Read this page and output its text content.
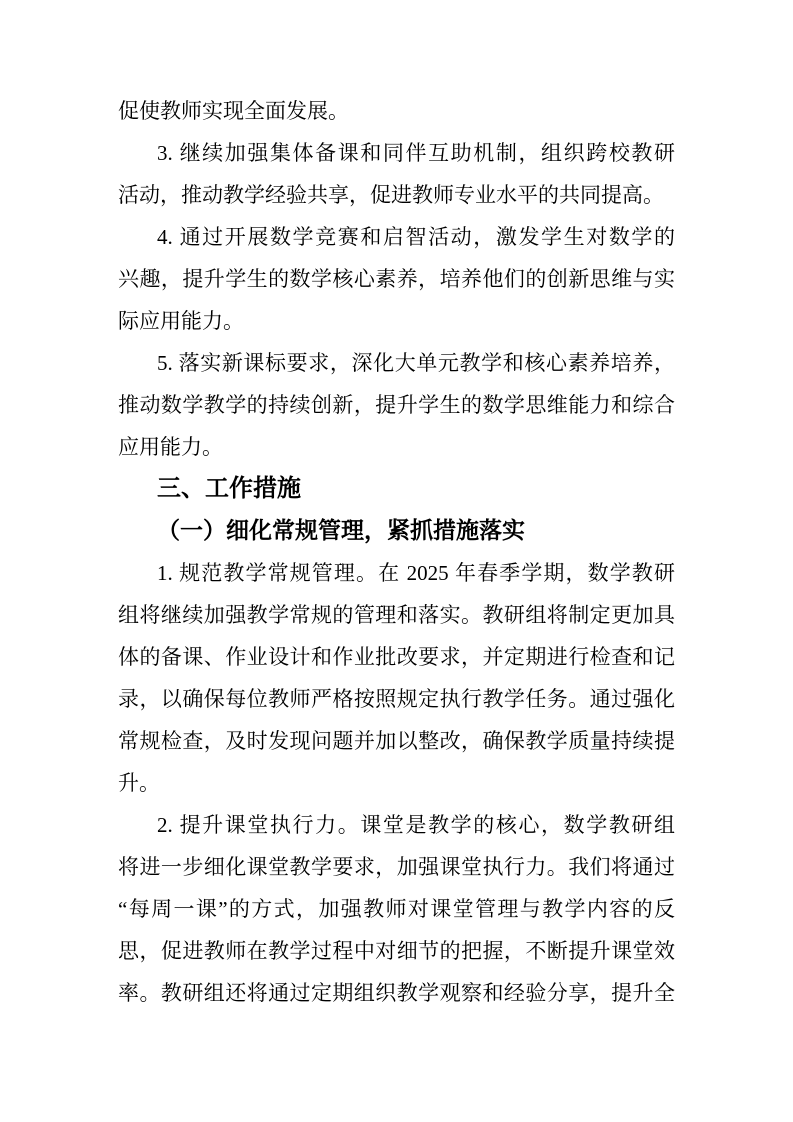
促使教师实现全面发展。
3. 继续加强集体备课和同伴互助机制，组织跨校教研
活动，推动教学经验共享，促进教师专业水平的共同提高。
4. 通过开展数学竞赛和启智活动，激发学生对数学的
兴趣，提升学生的数学核心素养，培养他们的创新思维与实
际应用能力。
5. 落实新课标要求，深化大单元教学和核心素养培养，
推动数学教学的持续创新，提升学生的数学思维能力和综合
应用能力。
三、工作措施
（一）细化常规管理，紧抓措施落实
1. 规范教学常规管理。在 2025 年春季学期，数学教研
组将继续加强教学常规的管理和落实。教研组将制定更加具
体的备课、作业设计和作业批改要求，并定期进行检查和记
录，以确保每位教师严格按照规定执行教学任务。通过强化
常规检查，及时发现问题并加以整改，确保教学质量持续提
升。
2. 提升课堂执行力。课堂是教学的核心，数学教研组
将进一步细化课堂教学要求，加强课堂执行力。我们将通过
“每周一课”的方式，加强教师对课堂管理与教学内容的反
思，促进教师在教学过程中对细节的把握，不断提升课堂效
率。教研组还将通过定期组织教学观察和经验分享，提升全
